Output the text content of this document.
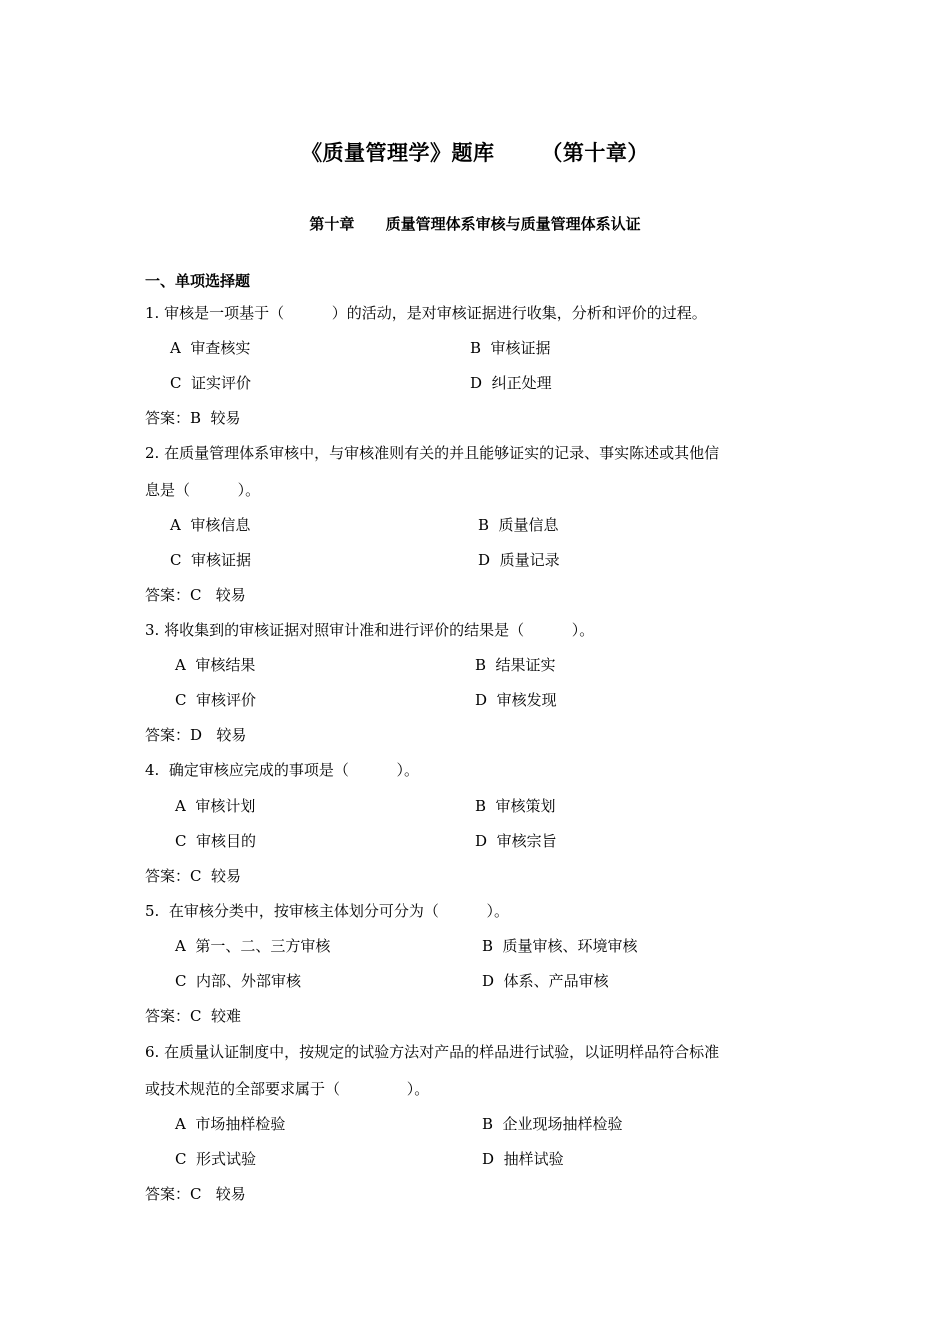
《质量管理学》题库      （第十章）
第十章      质量管理体系审核与质量管理体系认证
一、单项选择题
1. 审核是一项基于（          ）的活动，是对审核证据进行收集，分析和评价的过程。
A  审查核实	B  审核证据
C  证实评价	D  纠正处理
答案：B  较易
2. 在质量管理体系审核中，与审核准则有关的并且能够证实的记录、事实陈述或其他信
息是（          ）。
A  审核信息	B  质量信息
C  审核证据	D  质量记录
答案：C   较易
3. 将收集到的审核证据对照审计准和进行评价的结果是（          ）。
A  审核结果	B  结果证实
C  审核评价	D  审核发现
答案：D   较易
4.  确定审核应完成的事项是（          ）。
A  审核计划	B  审核策划
C  审核目的	D  审核宗旨
答案：C  较易
5.  在审核分类中，按审核主体划分可分为（          ）。
A  第一、二、三方审核	B  质量审核、环境审核
C  内部、外部审核	D  体系、产品审核
答案：C  较难
6. 在质量认证制度中，按规定的试验方法对产品的样品进行试验，以证明样品符合标准
或技术规范的全部要求属于（              ）。
A  市场抽样检验	B  企业现场抽样检验
C  形式试验	D  抽样试验
答案：C   较易
